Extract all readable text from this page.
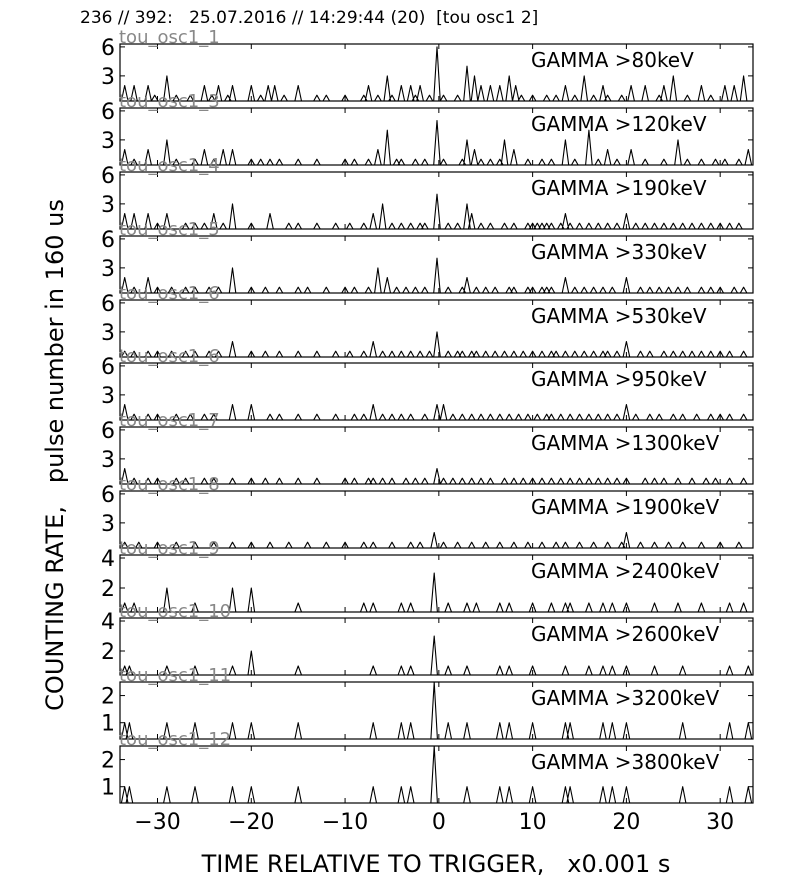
236 // 392:   25.07.2016 // 14:29:44 (20)  [tou osc1 2]
3
6	GAMMA >80keV
tou_osc1_1
3
6	GAMMA >120keV
tou_osc1_3
3
6	GAMMA >190keV
tou_osc1_4
3
6	GAMMA >330keV
tou_osc1_5
3
6	GAMMA >530keV
tou_osc1_6
3
6	GAMMA >950keV
tou_osc1_6
3
6	GAMMA >1300keV
tou_osc1_7
3
6	GAMMA >1900keV
tou_osc1_8
2
4	GAMMA >2400keV
tou_osc1_9
2
4	GAMMA >2600keV
tou_osc1_10
1
2	GAMMA >3200keV
tou_osc1_11
1
2	GAMMA >3800keV
tou_osc1_12
−30 −20 −10	0	10	20	30
COUNTING RATE,   pulse number in 160 us
TIME RELATIVE TO TRIGGER,   x0.001 s
